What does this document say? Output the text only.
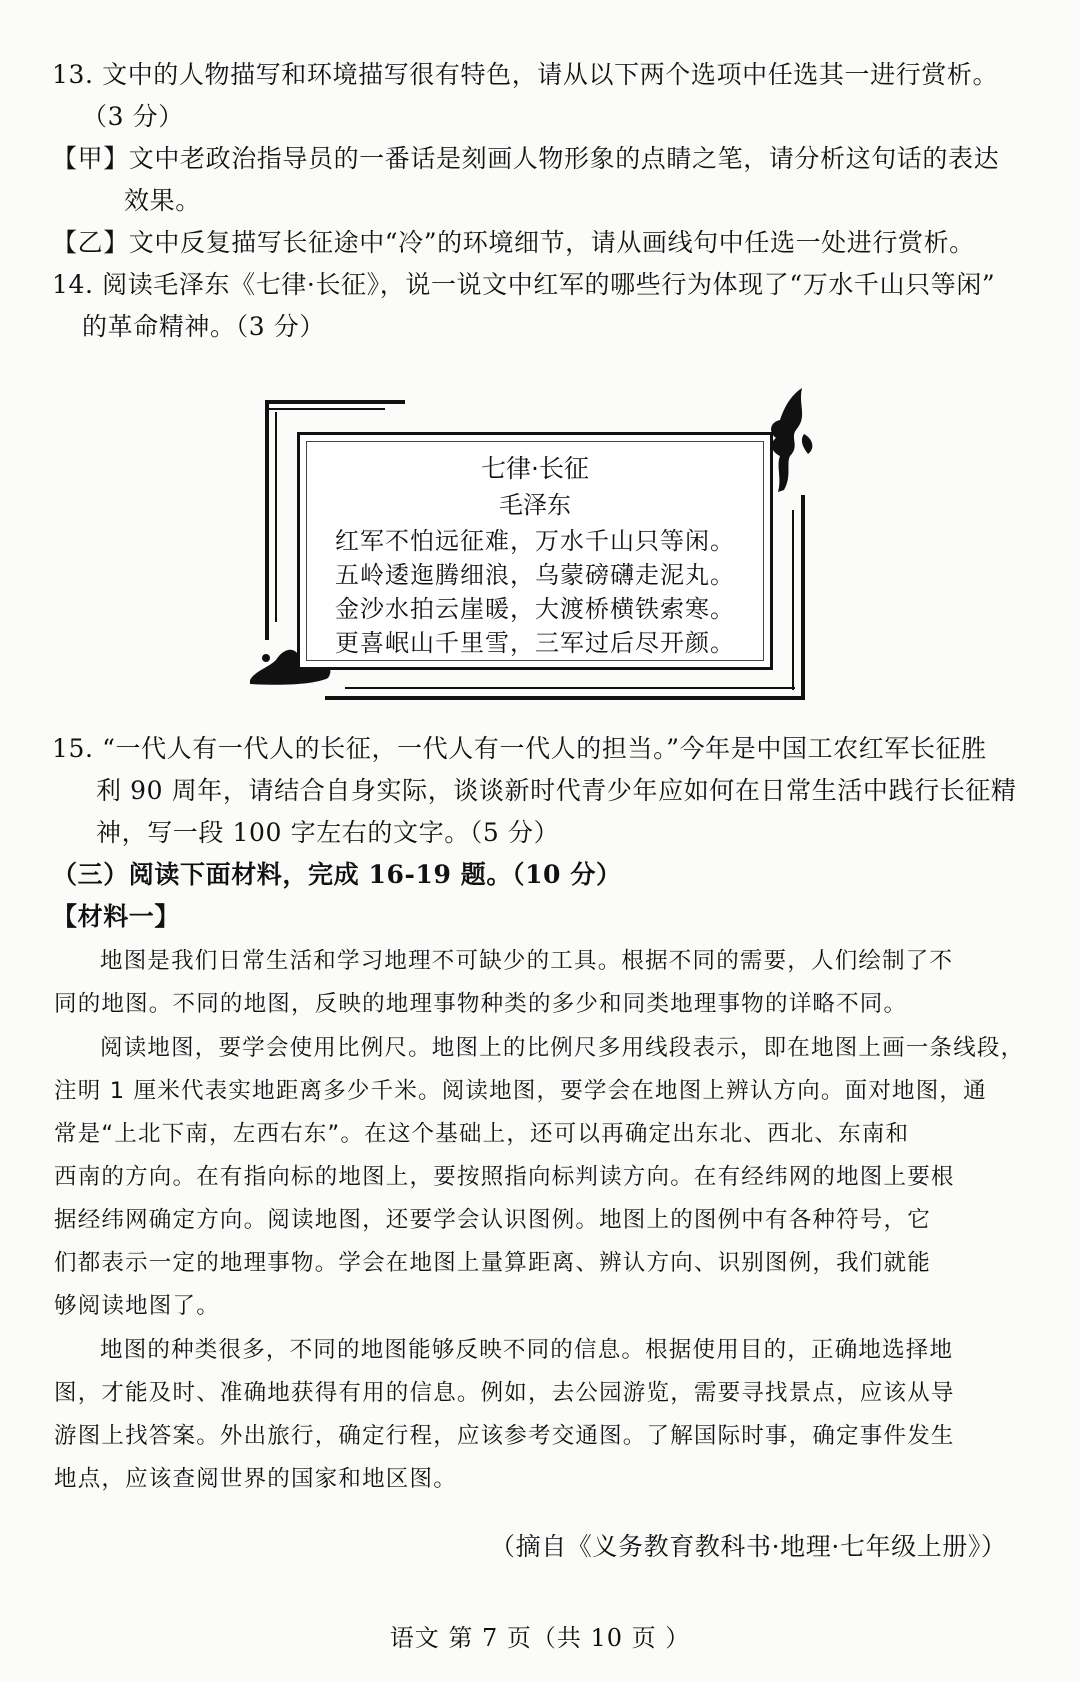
13. 文中的人物描写和环境描写很有特色，请从以下两个选项中任选其一进行赏析。
（3 分）
【甲】文中老政治指导员的一番话是刻画人物形象的点睛之笔，请分析这句话的表达
效果。
【乙】文中反复描写长征途中“冷”的环境细节，请从画线句中任选一处进行赏析。
14. 阅读毛泽东《七律·长征》，说一说文中红军的哪些行为体现了“万水千山只等闲”
的革命精神。（3 分）
七律·长征
毛泽东
红军不怕远征难，万水千山只等闲。
五岭逶迤腾细浪，乌蒙磅礴走泥丸。
金沙水拍云崖暖，大渡桥横铁索寒。
更喜岷山千里雪，三军过后尽开颜。
15. “一代人有一代人的长征，一代人有一代人的担当。”今年是中国工农红军长征胜
利 90 周年，请结合自身实际，谈谈新时代青少年应如何在日常生活中践行长征精
神，写一段 100 字左右的文字。（5 分）
（三）阅读下面材料，完成 16-19 题。（10 分）
【材料一】
地图是我们日常生活和学习地理不可缺少的工具。根据不同的需要，人们绘制了不
同的地图。不同的地图，反映的地理事物种类的多少和同类地理事物的详略不同。
阅读地图，要学会使用比例尺。地图上的比例尺多用线段表示，即在地图上画一条线段，
注明 1 厘米代表实地距离多少千米。阅读地图，要学会在地图上辨认方向。面对地图，通
常是“上北下南，左西右东”。在这个基础上，还可以再确定出东北、西北、东南和
西南的方向。在有指向标的地图上，要按照指向标判读方向。在有经纬网的地图上要根
据经纬网确定方向。阅读地图，还要学会认识图例。地图上的图例中有各种符号，它
们都表示一定的地理事物。学会在地图上量算距离、辨认方向、识别图例，我们就能
够阅读地图了。
地图的种类很多，不同的地图能够反映不同的信息。根据使用目的，正确地选择地
图，才能及时、准确地获得有用的信息。例如，去公园游览，需要寻找景点，应该从导
游图上找答案。外出旅行，确定行程，应该参考交通图。了解国际时事，确定事件发生
地点，应该查阅世界的国家和地区图。
（摘自《义务教育教科书·地理·七年级上册》）
语文 第 7 页（共 10 页 ）
